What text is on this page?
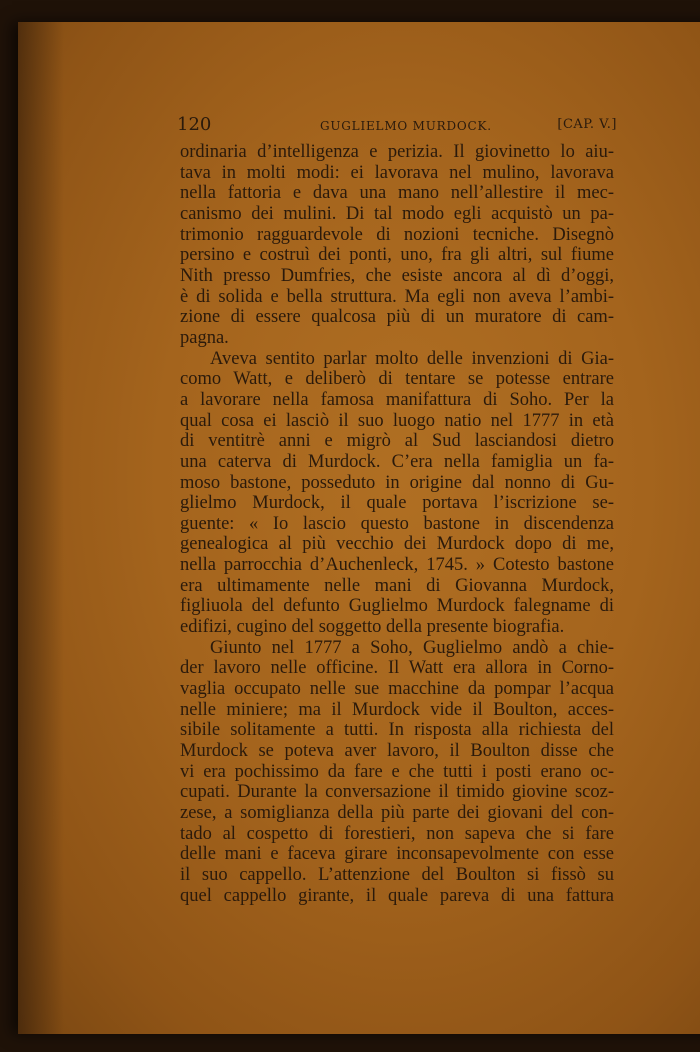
120	GUGLIELMO MURDOCK.	[CAP. V.]
ordinaria d’intelligenza e perizia. Il giovinetto lo aiu-
tava in molti modi: ei lavorava nel mulino, lavorava
nella fattoria e dava una mano nell’allestire il mec-
canismo dei mulini. Di tal modo egli acquistò un pa-
trimonio ragguardevole di nozioni tecniche. Disegnò
persino e costruì dei ponti, uno, fra gli altri, sul fiume
Nith presso Dumfries, che esiste ancora al dì d’oggi,
è di solida e bella struttura. Ma egli non aveva l’ambi-
zione di essere qualcosa più di un muratore di cam-
pagna.
Aveva sentito parlar molto delle invenzioni di Gia-
como Watt, e deliberò di tentare se potesse entrare
a lavorare nella famosa manifattura di Soho. Per la
qual cosa ei lasciò il suo luogo natio nel 1777 in età
di ventitrè anni e migrò al Sud lasciandosi dietro
una caterva di Murdock. C’era nella famiglia un fa-
moso bastone, posseduto in origine dal nonno di Gu-
glielmo Murdock, il quale portava l’iscrizione se-
guente: « Io lascio questo bastone in discendenza
genealogica al più vecchio dei Murdock dopo di me,
nella parrocchia d’Auchenleck, 1745. » Cotesto bastone
era ultimamente nelle mani di Giovanna Murdock,
figliuola del defunto Guglielmo Murdock falegname di
edifizi, cugino del soggetto della presente biografia.
Giunto nel 1777 a Soho, Guglielmo andò a chie-
der lavoro nelle officine. Il Watt era allora in Corno-
vaglia occupato nelle sue macchine da pompar l’acqua
nelle miniere; ma il Murdock vide il Boulton, acces-
sibile solitamente a tutti. In risposta alla richiesta del
Murdock se poteva aver lavoro, il Boulton disse che
vi era pochissimo da fare e che tutti i posti erano oc-
cupati. Durante la conversazione il timido giovine scoz-
zese, a somiglianza della più parte dei giovani del con-
tado al cospetto di forestieri, non sapeva che si fare
delle mani e faceva girare inconsapevolmente con esse
il suo cappello. L’attenzione del Boulton si fissò su
quel cappello girante, il quale pareva di una fattura
